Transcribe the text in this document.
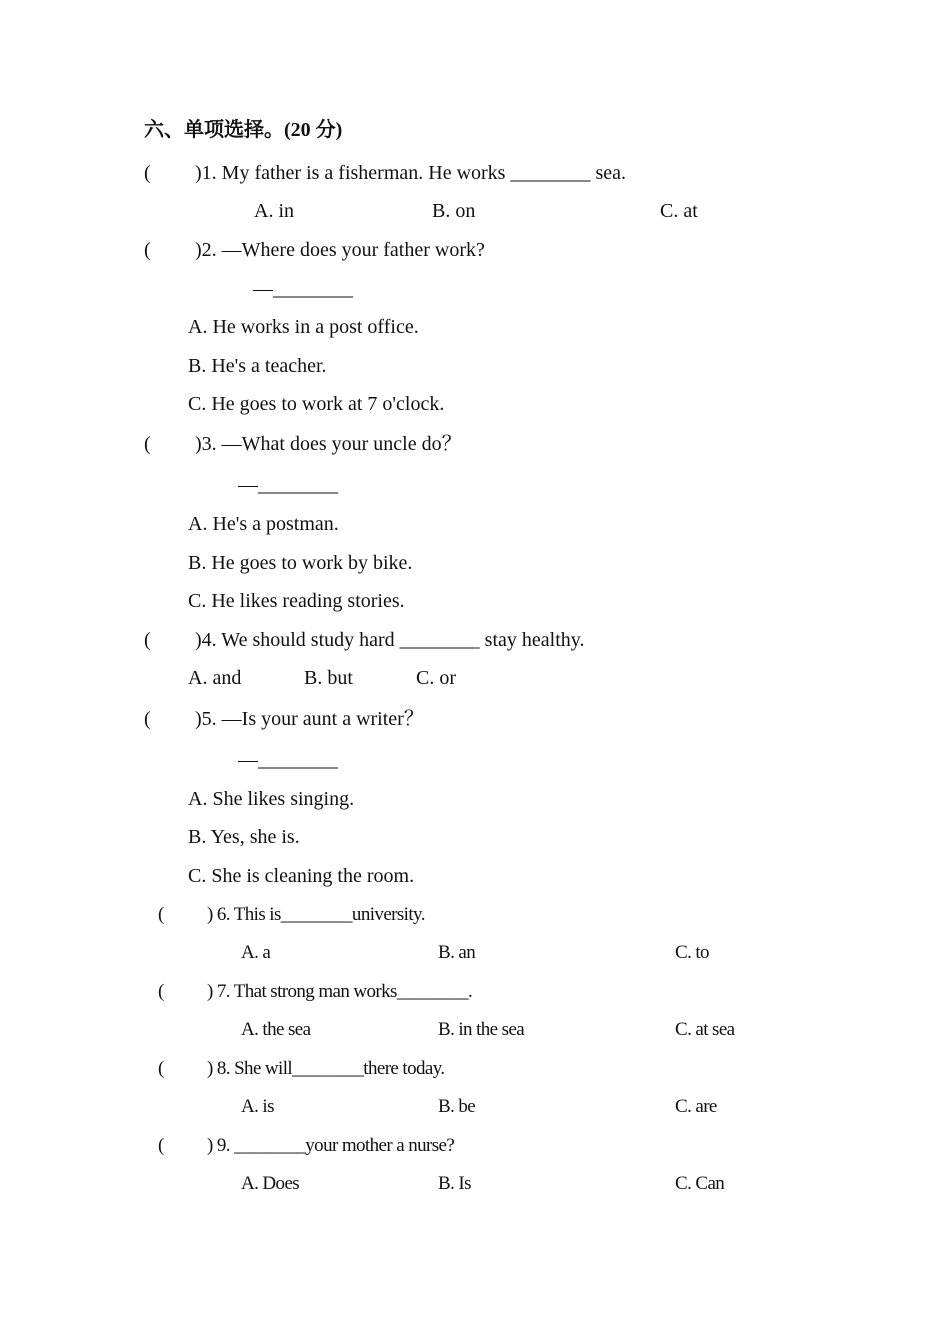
六、单项选择。(20 分)
( )1. My father is a fisherman. He works ________ sea.
A. in	B. on	C. at
( )2. —Where does your father work?
—________
A. He works in a post office.
B. He's a teacher.
C. He goes to work at 7 o'clock.
( )3. —What does your uncle do？
—________
A. He's a postman.
B. He goes to work by bike.
C. He likes reading stories.
( )4. We should study hard ________ stay healthy.
A. and	B. but	C. or
( )5. —Is your aunt a writer？
—________
A. She likes singing.
B. Yes, she is.
C. She is cleaning the room.
( ) 6. This is________university.
A. a	B. an	C. to
( ) 7. That strong man works________.
A. the sea	B. in the sea	C. at sea
( ) 8. She will________there today.
A. is	B. be	C. are
( ) 9. ________your mother a nurse?
A. Does	B. Is	C. Can
